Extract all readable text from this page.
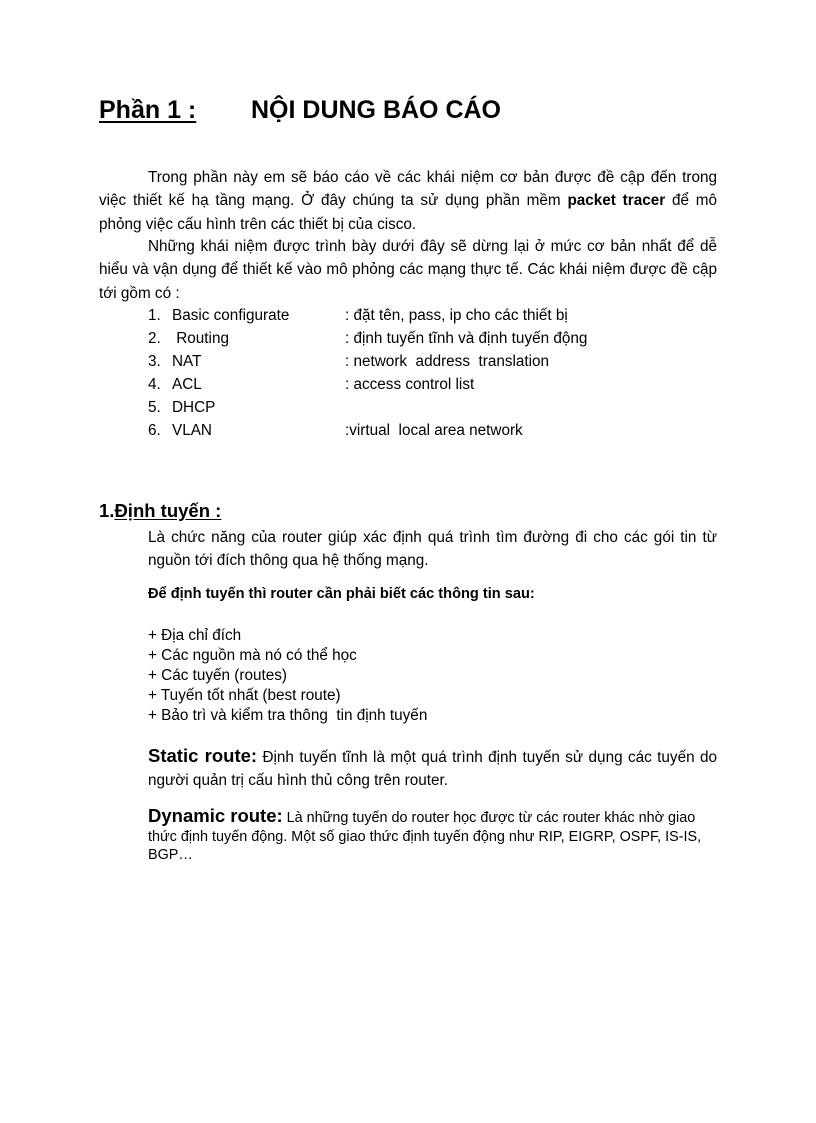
Phần 1 : NỘI DUNG BÁO CÁO

Trong phần này em sẽ báo cáo về các khái niệm cơ bản được đề cập đến trong việc thiết kế hạ tầng mạng. Ở đây chúng ta sử dụng phần mềm packet tracer để mô phỏng việc cấu hình trên các thiết bị của cisco.

Những khái niệm được trình bày dưới đây sẽ dừng lại ở mức cơ bản nhất để dễ hiểu và vận dụng để thiết kế vào mô phỏng các mạng thực tế. Các khái niệm được đề cập tới gồm có :

1. Basic configurate	: đặt tên, pass, ip cho các thiết bị
2. Routing	: định tuyến tĩnh và định tuyến động
3. NAT	: network  address  translation
4. ACL	: access control list
5. DHCP
6. VLAN	:virtual  local area network
1.Định tuyến :

Là chức năng của router giúp xác định quá trình tìm đường đi cho các gói tin từ nguồn tới đích thông qua hệ thống mạng.

Để định tuyến thì router cần phải biết các thông tin sau:

+ Địa chỉ đích
+ Các nguồn mà nó có thể học
+ Các tuyến (routes)
+ Tuyến tốt nhất (best route)
+ Bảo trì và kiểm tra thông  tin định tuyến

Static route: Định tuyến tĩnh là một quá trình định tuyến sử dụng các tuyến do người quản trị cấu hình thủ công trên router.

Dynamic route: Là những tuyến do router học được từ các router khác nhờ giao thức định tuyến động. Một số giao thức định tuyến động như RIP, EIGRP, OSPF, IS-IS, BGP…
